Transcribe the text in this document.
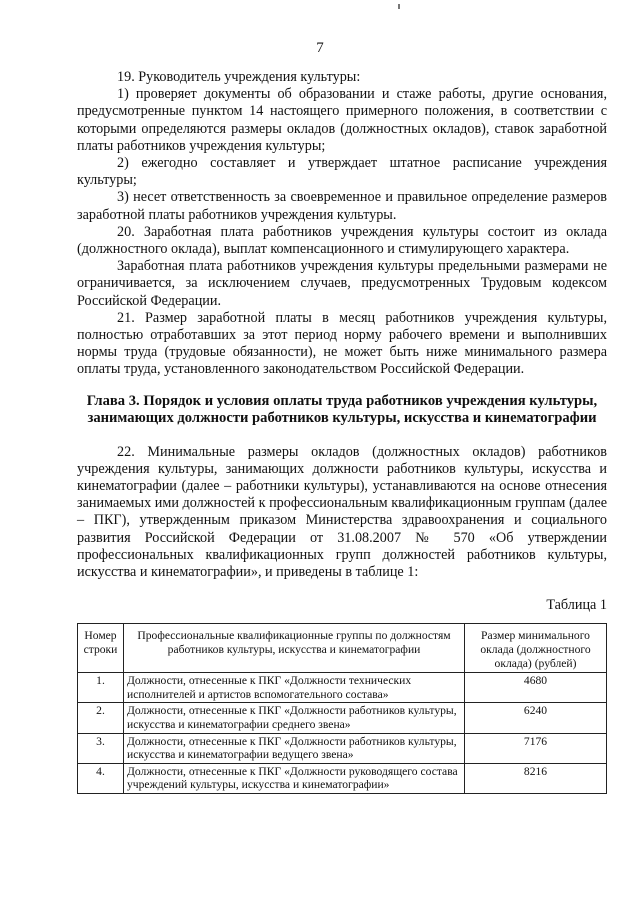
7

19. Руководитель учреждения культуры:

1) проверяет документы об образовании и стаже работы, другие основания, предусмотренные пунктом 14 настоящего примерного положения, в соответствии с которыми определяются размеры окладов (должностных окладов), ставок заработной платы работников учреждения культуры;

2) ежегодно составляет и утверждает штатное расписание учреждения культуры;

3) несет ответственность за своевременное и правильное определение размеров заработной платы работников учреждения культуры.

20. Заработная плата работников учреждения культуры состоит из оклада (должностного оклада), выплат компенсационного и стимулирующего характера.

Заработная плата работников учреждения культуры предельными размерами не ограничивается, за исключением случаев, предусмотренных Трудовым кодексом Российской Федерации.

21. Размер заработной платы в месяц работников учреждения культуры, полностью отработавших за этот период норму рабочего времени и выполнивших нормы труда (трудовые обязанности), не может быть ниже минимального размера оплаты труда, установленного законодательством Российской Федерации.

Глава 3. Порядок и условия оплаты труда работников учреждения культуры,
занимающих должности работников культуры, искусства и кинематографии

22. Минимальные размеры окладов (должностных окладов) работников учреждения культуры, занимающих должности работников культуры, искусства и кинематографии (далее – работники культуры), устанавливаются на основе отнесения занимаемых ими должностей к профессиональным квалификационным группам (далее – ПКГ), утвержденным приказом Министерства здравоохранения и социального развития Российской Федерации от 31.08.2007 № 570 «Об утверждении профессиональных квалификационных групп должностей работников культуры, искусства и кинематографии», и приведены в таблице 1:

Таблица 1
Номер строки	Профессиональные квалификационные группы по должностям работников культуры, искусства и кинематографии	Размер минимального оклада (должностного оклада) (рублей)
1.	Должности, отнесенные к ПКГ «Должности технических исполнителей и артистов вспомогательного состава»	4680
2.	Должности, отнесенные к ПКГ «Должности работников культуры, искусства и кинематографии среднего звена»	6240
3.	Должности, отнесенные к ПКГ «Должности работников культуры, искусства и кинематографии ведущего звена»	7176
4.	Должности, отнесенные к ПКГ «Должности руководящего состава учреждений культуры, искусства и кинематографии»	8216
